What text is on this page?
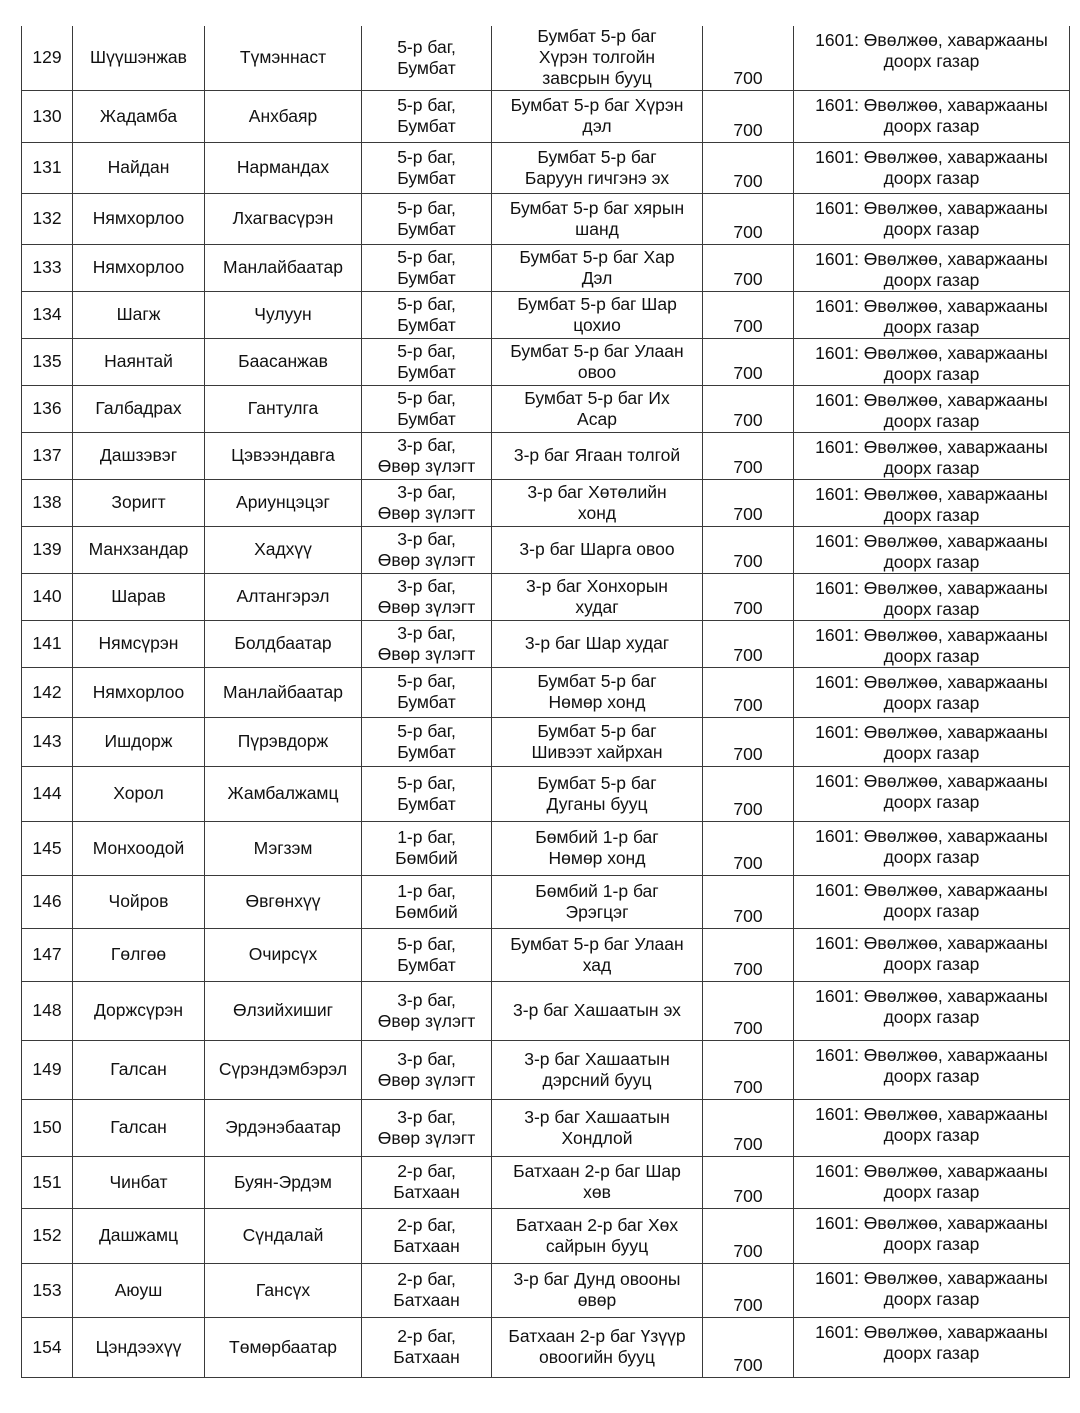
129	Шүүшэнжав	Түмэннаст	5-р баг,
Бумбат	Бумбат 5-р баг
Хүрэн толгойн
завсрын бууц	700	1601: Өвөлжөө, хаваржааны
доорх газар

130	Жадамба	Анхбаяр	5-р баг,
Бумбат	Бумбат 5-р баг Хүрэн
дэл	700	1601: Өвөлжөө, хаваржааны
доорх газар

131	Найдан	Нармандах	5-р баг,
Бумбат	Бумбат 5-р баг
Баруун гичгэнэ эх	700	1601: Өвөлжөө, хаваржааны
доорх газар

132	Нямхорлоо	Лхагвасүрэн	5-р баг,
Бумбат	Бумбат 5-р баг хярын
шанд	700	1601: Өвөлжөө, хаваржааны
доорх газар

133	Нямхорлоо	Манлайбаатар	5-р баг,
Бумбат	Бумбат 5-р баг Хар
Дэл	700	1601: Өвөлжөө, хаваржааны
доорх газар

134	Шагж	Чулуун	5-р баг,
Бумбат	Бумбат 5-р баг Шар
цохио	700	1601: Өвөлжөө, хаваржааны
доорх газар

135	Наянтай	Баасанжав	5-р баг,
Бумбат	Бумбат 5-р баг Улаан
овоо	700	1601: Өвөлжөө, хаваржааны
доорх газар

136	Галбадрах	Гантулга	5-р баг,
Бумбат	Бумбат 5-р баг Их
Асар	700	1601: Өвөлжөө, хаваржааны
доорх газар

137	Дашзэвэг	Цэвээндавга	3-р баг,
Өвөр зүлэгт	3-р баг Ягаан толгой	700	1601: Өвөлжөө, хаваржааны
доорх газар

138	Зоригт	Ариунцэцэг	3-р баг,
Өвөр зүлэгт	3-р баг Хөтөлийн
хонд	700	1601: Өвөлжөө, хаваржааны
доорх газар

139	Манхзандар	Хадхүү	3-р баг,
Өвөр зүлэгт	3-р баг Шарга овоо	700	1601: Өвөлжөө, хаваржааны
доорх газар

140	Шарав	Алтангэрэл	3-р баг,
Өвөр зүлэгт	3-р баг Хонхорын
худаг	700	1601: Өвөлжөө, хаваржааны
доорх газар

141	Нямсүрэн	Болдбаатар	3-р баг,
Өвөр зүлэгт	3-р баг Шар худаг	700	1601: Өвөлжөө, хаваржааны
доорх газар

142	Нямхорлоо	Манлайбаатар	5-р баг,
Бумбат	Бумбат 5-р баг
Нөмөр хонд	700	1601: Өвөлжөө, хаваржааны
доорх газар

143	Ишдорж	Пүрэвдорж	5-р баг,
Бумбат	Бумбат 5-р баг
Шивээт хайрхан	700	1601: Өвөлжөө, хаваржааны
доорх газар

144	Хорол	Жамбалжамц	5-р баг,
Бумбат	Бумбат 5-р баг
Дуганы бууц	700	1601: Өвөлжөө, хаваржааны
доорх газар

145	Монхоодой	Мэгзэм	1-р баг,
Бөмбий	Бөмбий 1-р баг
Нөмөр хонд	700	1601: Өвөлжөө, хаваржааны
доорх газар

146	Чойров	Өвгөнхүү	1-р баг,
Бөмбий	Бөмбий 1-р баг
Эрэгцэг	700	1601: Өвөлжөө, хаваржааны
доорх газар

147	Гөлгөө	Очирсүх	5-р баг,
Бумбат	Бумбат 5-р баг Улаан
хад	700	1601: Өвөлжөө, хаваржааны
доорх газар

148	Доржсүрэн	Өлзийхишиг	3-р баг,
Өвөр зүлэгт	3-р баг Хашаатын эх	700	1601: Өвөлжөө, хаваржааны
доорх газар

149	Галсан	Сүрэндэмбэрэл	3-р баг,
Өвөр зүлэгт	3-р баг Хашаатын
дэрсний бууц	700	1601: Өвөлжөө, хаваржааны
доорх газар

150	Галсан	Эрдэнэбаатар	3-р баг,
Өвөр зүлэгт	3-р баг Хашаатын
Хондлой	700	1601: Өвөлжөө, хаваржааны
доорх газар

151	Чинбат	Буян-Эрдэм	2-р баг,
Батхаан	Батхаан 2-р баг Шар
хөв	700	1601: Өвөлжөө, хаваржааны
доорх газар

152	Дашжамц	Сүндалай	2-р баг,
Батхаан	Батхаан 2-р баг Хөх
сайрын бууц	700	1601: Өвөлжөө, хаваржааны
доорх газар

153	Аюуш	Гансүх	2-р баг,
Батхаан	3-р баг Дунд овооны
өвөр	700	1601: Өвөлжөө, хаваржааны
доорх газар

154	Цэндээхүү	Төмөрбаатар	2-р баг,
Батхаан	Батхаан 2-р баг Үзүүр
овоогийн бууц	700	1601: Өвөлжөө, хаваржааны
доорх газар
